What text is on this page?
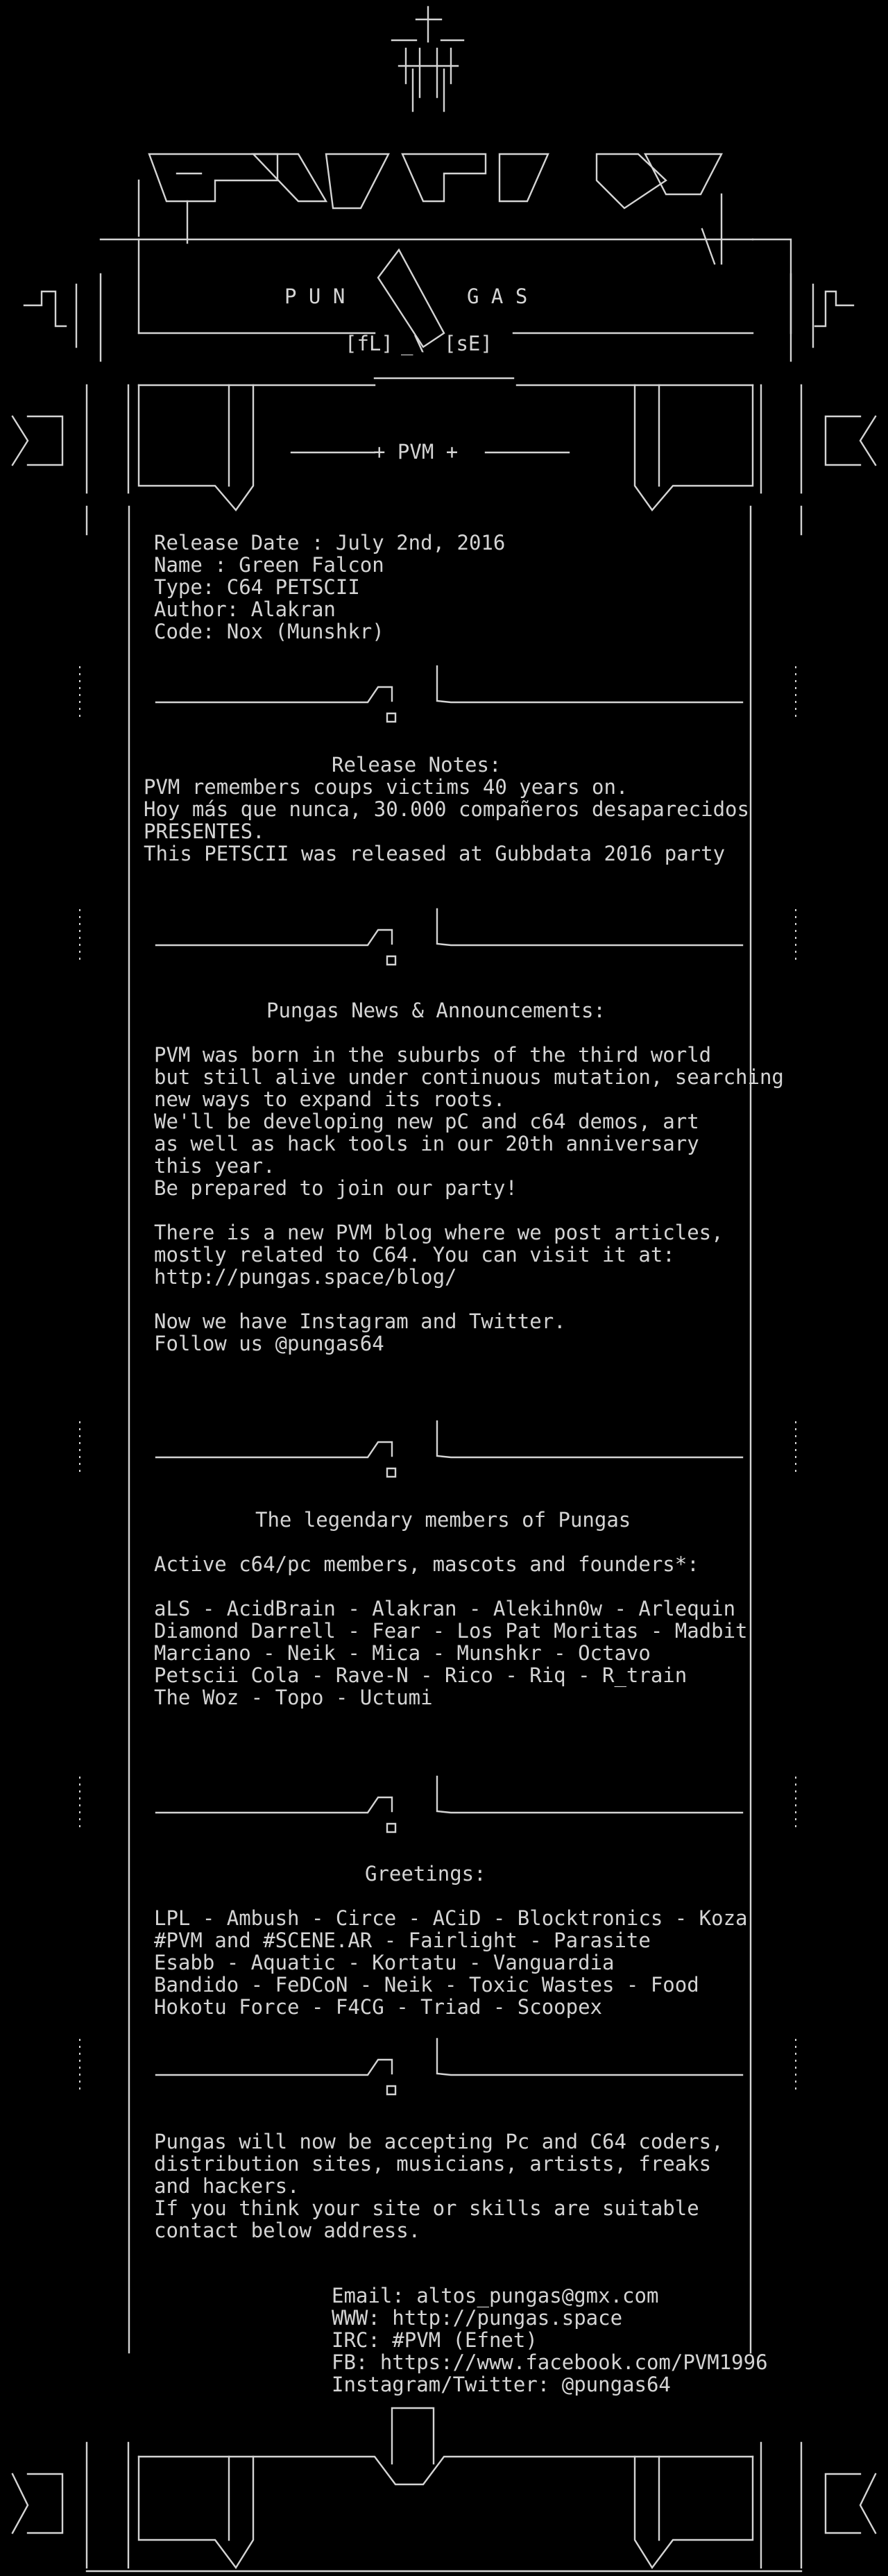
P U N	G A S
[fL] _\ [sE]
+ PVM +
Release Date : July 2nd, 2016
Name : Green Falcon
Type: C64 PETSCII
Author: Alakran
Code: Nox (Munshkr)
Release Notes:
PVM remembers coups victims 40 years on.
Hoy más que nunca, 30.000 compañeros desaparecidos
PRESENTES.
This PETSCII was released at Gubbdata 2016 party
Pungas News & Announcements:
PVM was born in the suburbs of the third world
but still alive under continuous mutation, searching
new ways to expand its roots.
We'll be developing new pC and c64 demos, art
as well as hack tools in our 20th anniversary
this year.
Be prepared to join our party!
There is a new PVM blog where we post articles,
mostly related to C64. You can visit it at:
http://pungas.space/blog/
Now we have Instagram and Twitter.
Follow us @pungas64
The legendary members of Pungas
Active c64/pc members, mascots and founders*:
aLS - AcidBrain - Alakran - Alekihn0w - Arlequin
Diamond Darrell - Fear - Los Pat Moritas - Madbit
Marciano - Neik - Mica - Munshkr - Octavo
Petscii Cola - Rave-N - Rico - Riq - R_train
The Woz - Topo - Uctumi
Greetings:
LPL - Ambush - Circe - ACiD - Blocktronics - Koza
#PVM and #SCENE.AR - Fairlight - Parasite
Esabb - Aquatic - Kortatu - Vanguardia
Bandido - FeDCoN - Neik - Toxic Wastes - Food
Hokotu Force - F4CG - Triad - Scoopex
Pungas will now be accepting Pc and C64 coders,
distribution sites, musicians, artists, freaks
and hackers.
If you think your site or skills are suitable
contact below address.
Email: altos_pungas@gmx.com
WWW: http://pungas.space
IRC: #PVM (Efnet)
FB: https://www.facebook.com/PVM1996
Instagram/Twitter: @pungas64
